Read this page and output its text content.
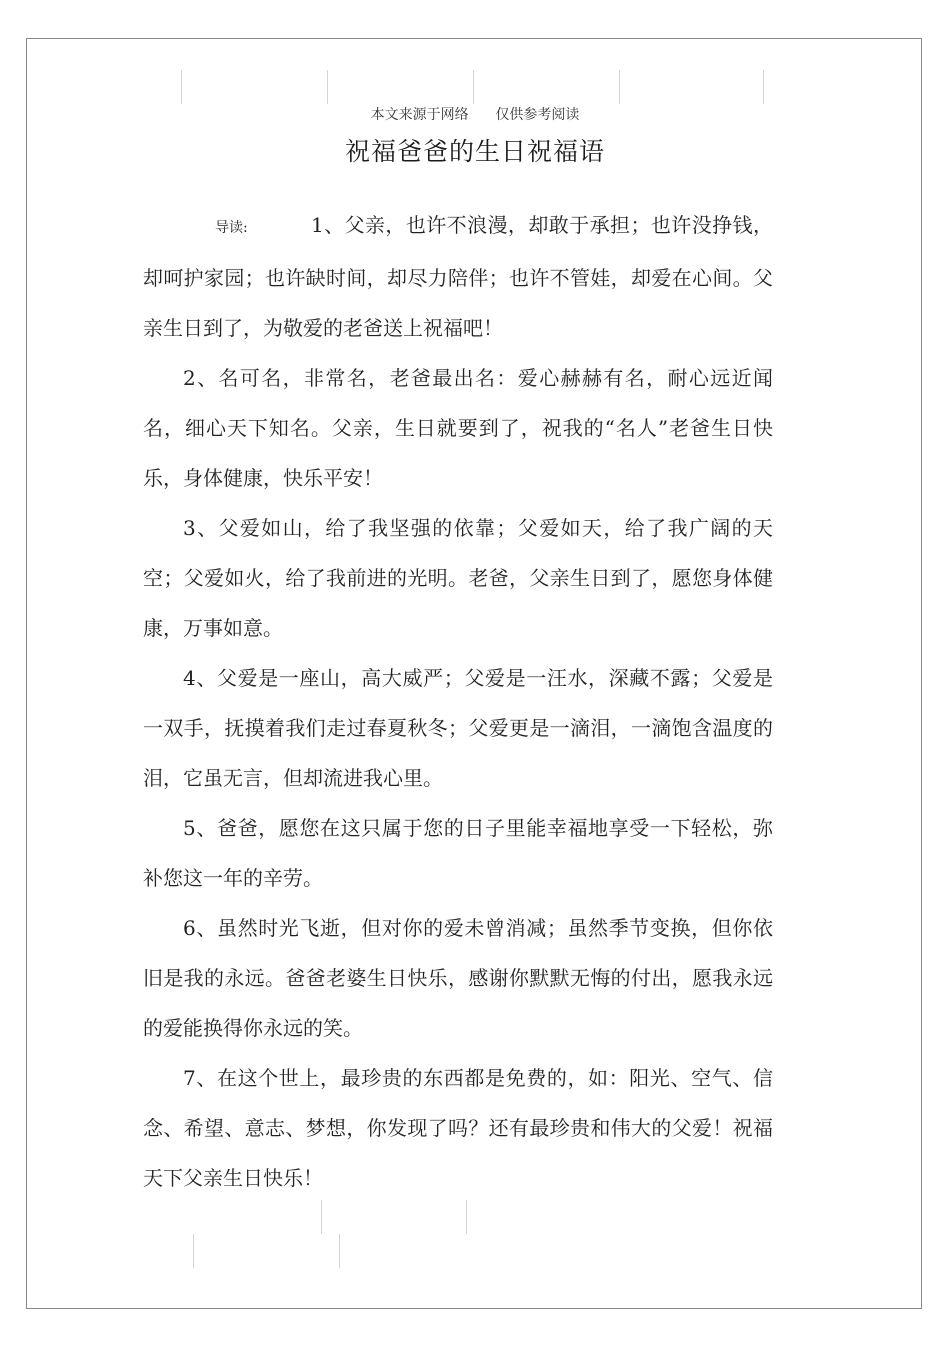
本文来源于网络      仅供参考阅读
祝福爸爸的生日祝福语

导读:	1、父亲，也许不浪漫，却敢于承担；也许没挣钱，却呵护家园；也许缺时间，却尽力陪伴；也许不管娃，却爱在心间。父亲生日到了，为敬爱的老爸送上祝福吧！

2、名可名，非常名，老爸最出名：爱心赫赫有名，耐心远近闻名，细心天下知名。父亲，生日就要到了，祝我的“名人”老爸生日快乐，身体健康，快乐平安！

3、父爱如山，给了我坚强的依靠；父爱如天，给了我广阔的天空；父爱如火，给了我前进的光明。老爸，父亲生日到了，愿您身体健康，万事如意。

4、父爱是一座山，高大威严；父爱是一汪水，深藏不露；父爱是一双手，抚摸着我们走过春夏秋冬；父爱更是一滴泪，一滴饱含温度的泪，它虽无言，但却流进我心里。

5、爸爸，愿您在这只属于您的日子里能幸福地享受一下轻松，弥补您这一年的辛劳。

6、虽然时光飞逝，但对你的爱未曾消减；虽然季节变换，但你依旧是我的永远。爸爸老婆生日快乐，感谢你默默无悔的付出，愿我永远的爱能换得你永远的笑。

7、在这个世上，最珍贵的东西都是免费的，如：阳光、空气、信念、希望、意志、梦想，你发现了吗？还有最珍贵和伟大的父爱！祝福天下父亲生日快乐！
